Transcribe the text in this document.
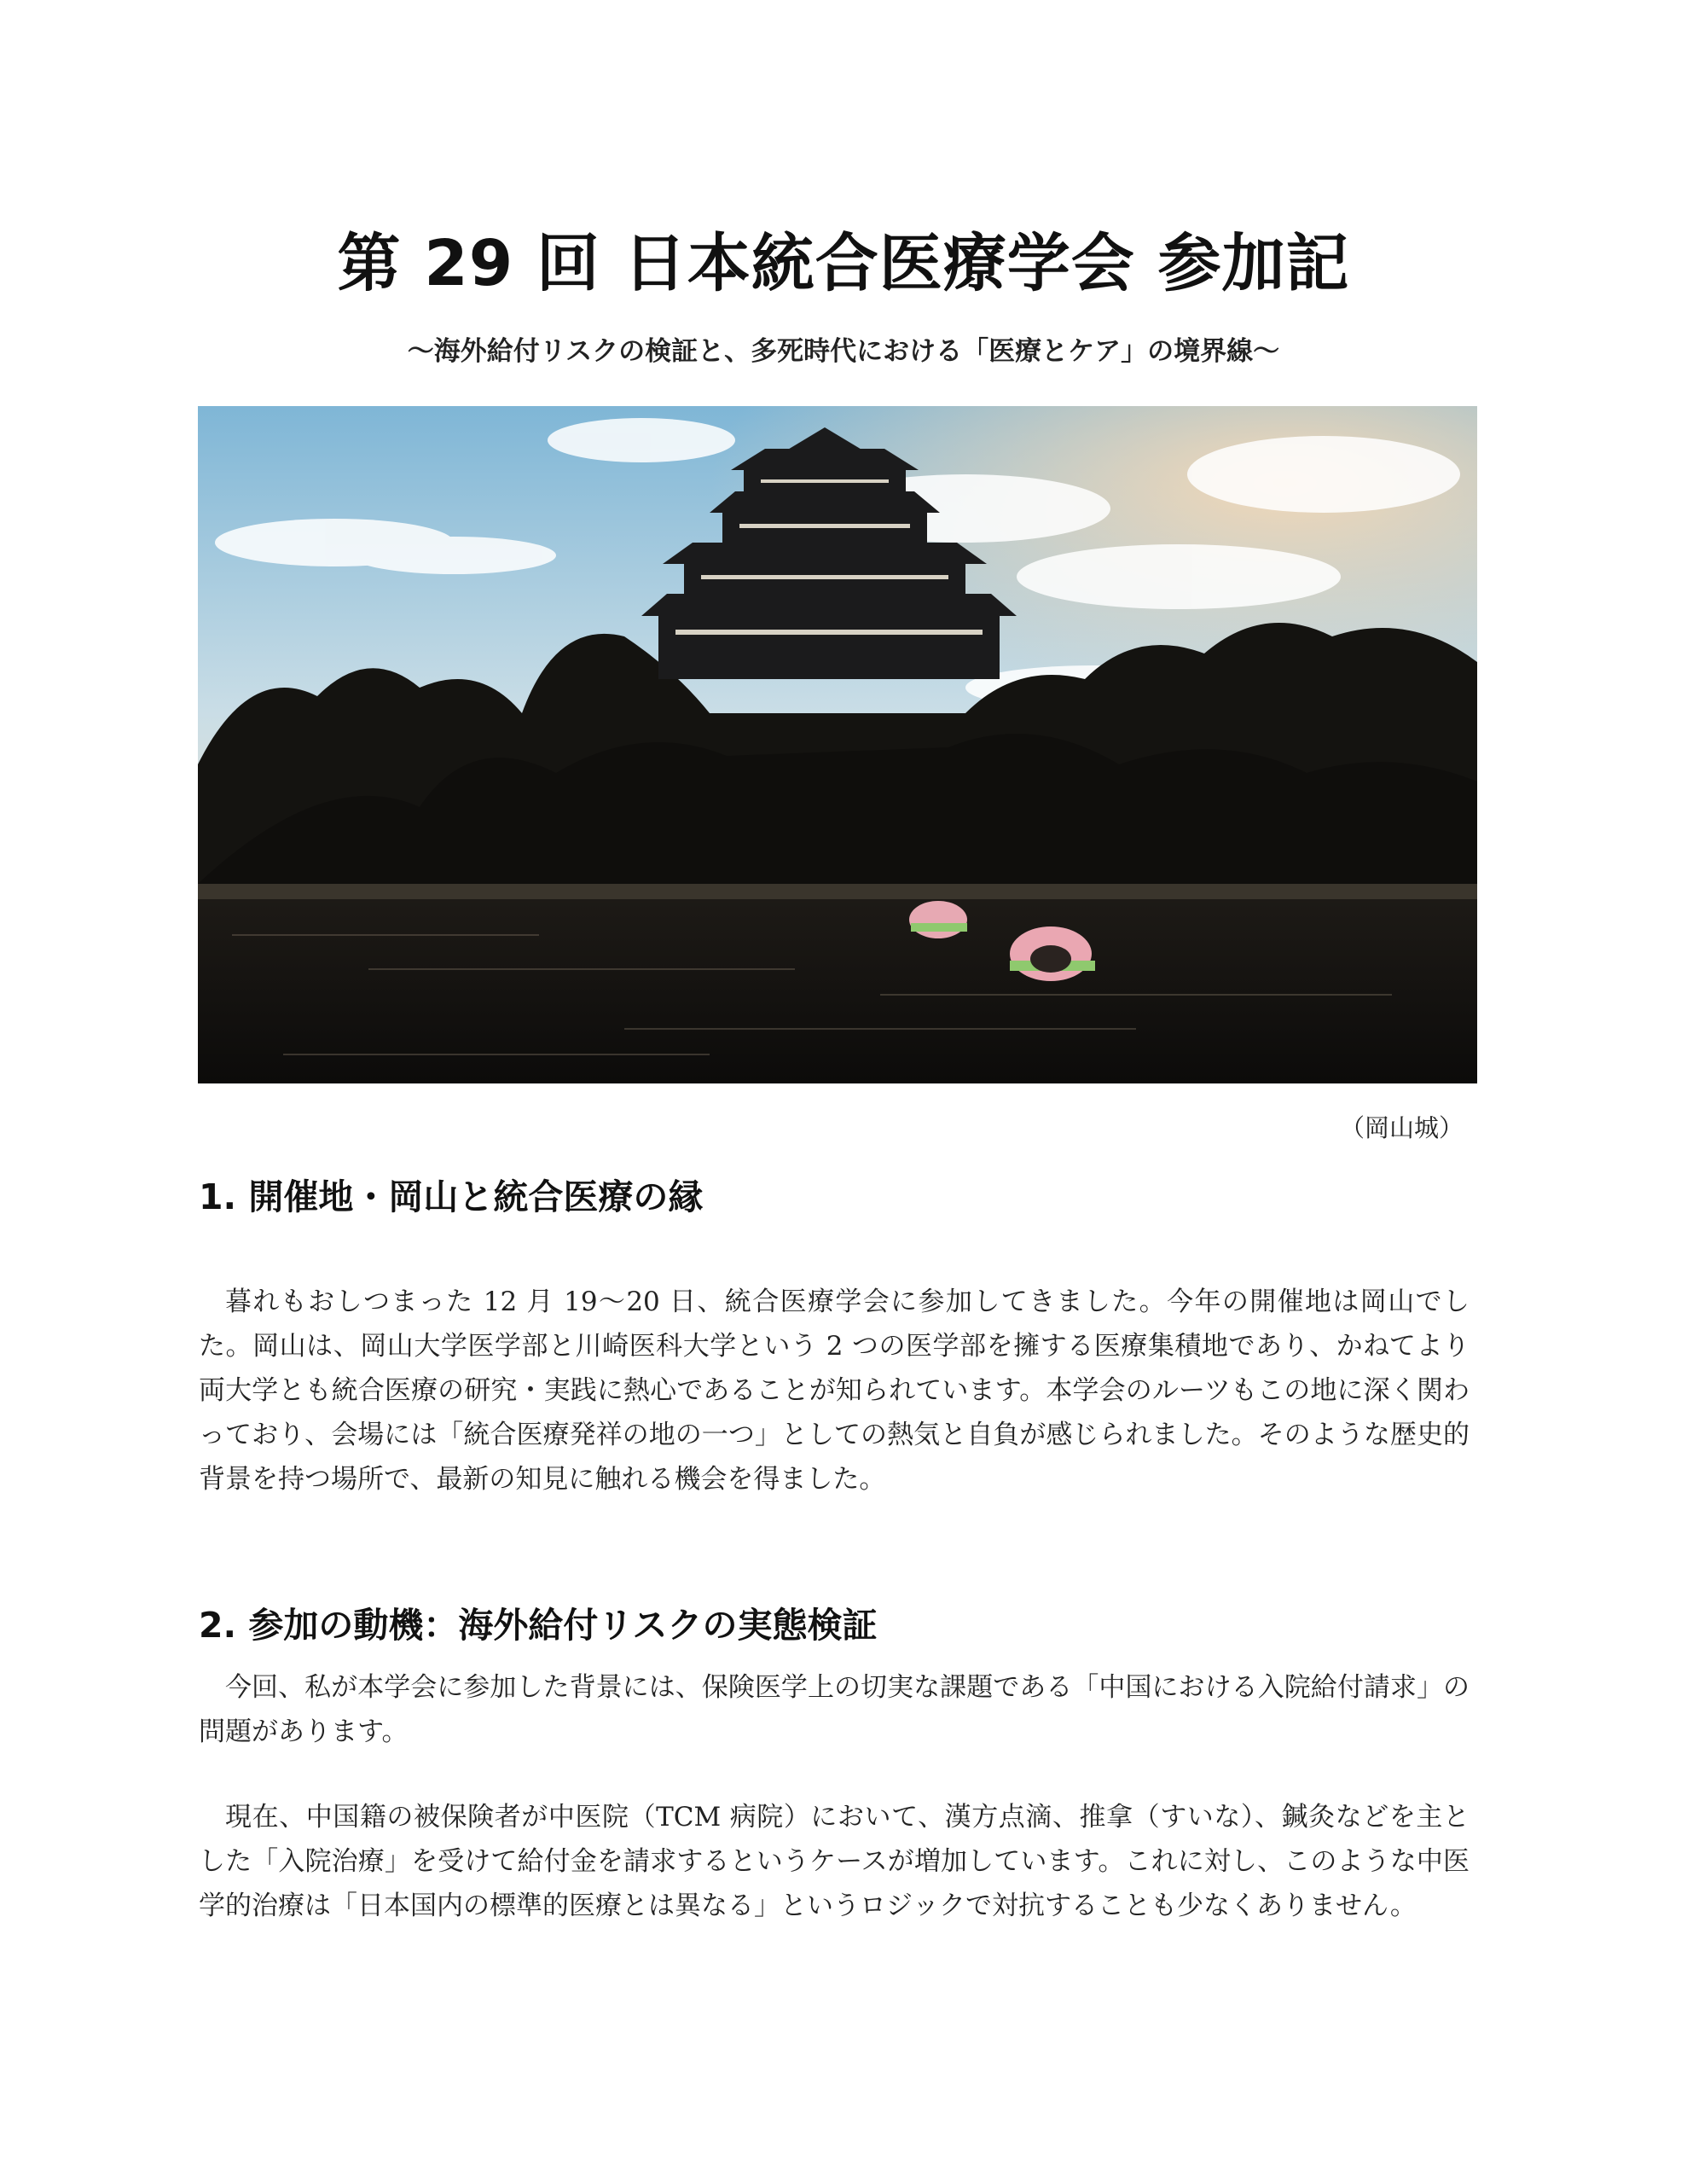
第 29 回 日本統合医療学会 参加記
～海外給付リスクの検証と、多死時代における「医療とケア」の境界線～
（岡山城）
1. 開催地・岡山と統合医療の縁

暮れもおしつまった 12 月 19～20 日、統合医療学会に参加してきました。今年の開催地は岡山でした。岡山は、岡山大学医学部と川崎医科大学という 2 つの医学部を擁する医療集積地であり、かねてより両大学とも統合医療の研究・実践に熱心であることが知られています。本学会のルーツもこの地に深く関わっており、会場には「統合医療発祥の地の一つ」としての熱気と自負が感じられました。そのような歴史的背景を持つ場所で、最新の知見に触れる機会を得ました。

2. 参加の動機：海外給付リスクの実態検証

今回、私が本学会に参加した背景には、保険医学上の切実な課題である「中国における入院給付請求」の問題があります。

現在、中国籍の被保険者が中医院（TCM 病院）において、漢方点滴、推拿（すいな）、鍼灸などを主とした「入院治療」を受けて給付金を請求するというケースが増加しています。これに対し、このような中医学的治療は「日本国内の標準的医療とは異なる」というロジックで対抗することも少なくありません。
